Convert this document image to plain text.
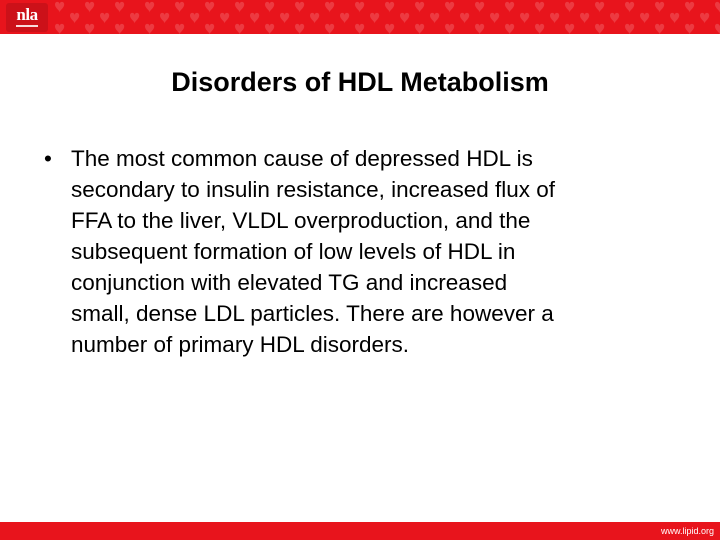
nla
Disorders of HDL Metabolism
• The most common cause of depressed HDL is
secondary to insulin resistance, increased flux of
FFA to the liver, VLDL overproduction, and the
subsequent formation of low levels of HDL in
conjunction with elevated TG and increased
small, dense LDL particles. There are however a
number of primary HDL disorders.
www.lipid.org
